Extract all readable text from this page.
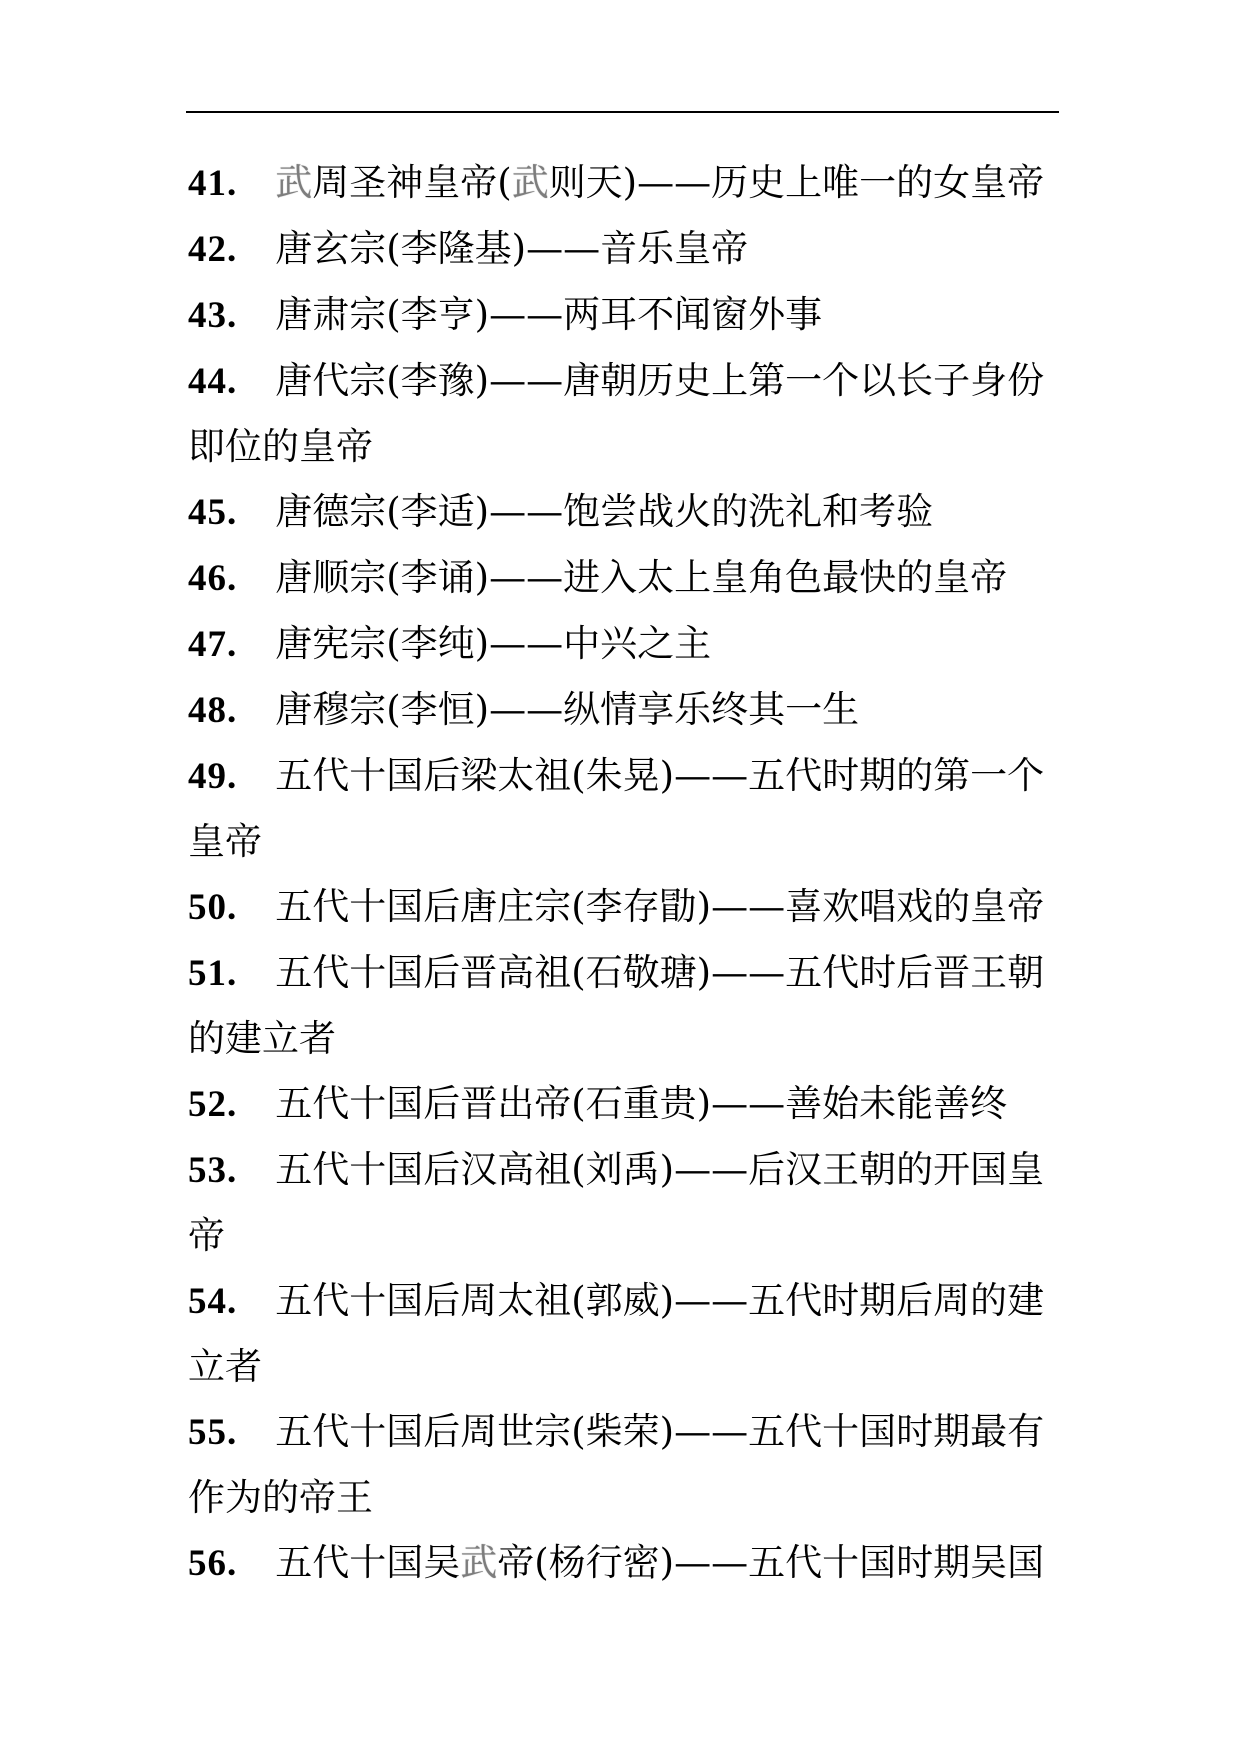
41. 武周圣神皇帝(武则天)——历史上唯一的女皇帝

42. 唐玄宗(李隆基)——音乐皇帝

43. 唐肃宗(李亨)——两耳不闻窗外事

44. 唐代宗(李豫)——唐朝历史上第一个以长子身份即位的皇帝

45. 唐德宗(李适)——饱尝战火的洗礼和考验

46. 唐顺宗(李诵)——进入太上皇角色最快的皇帝

47. 唐宪宗(李纯)——中兴之主

48. 唐穆宗(李恒)——纵情享乐终其一生

49. 五代十国后梁太祖(朱晃)——五代时期的第一个皇帝

50. 五代十国后唐庄宗(李存勖)——喜欢唱戏的皇帝

51. 五代十国后晋高祖(石敬瑭)——五代时后晋王朝的建立者

52. 五代十国后晋出帝(石重贵)——善始未能善终

53. 五代十国后汉高祖(刘禹)——后汉王朝的开国皇帝

54. 五代十国后周太祖(郭威)——五代时期后周的建立者

55. 五代十国后周世宗(柴荣)——五代十国时期最有作为的帝王

56. 五代十国吴武帝(杨行密)——五代十国时期吴国
